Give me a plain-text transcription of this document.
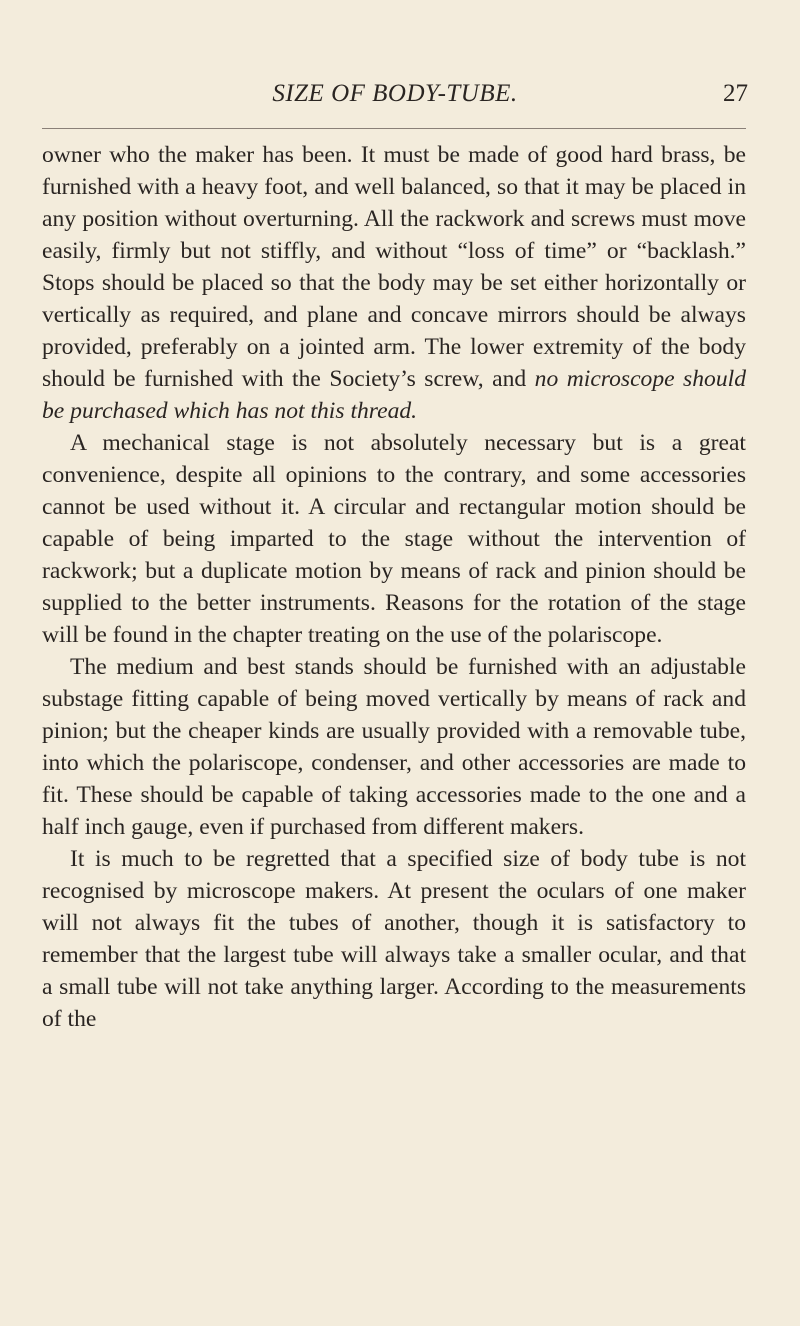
SIZE OF BODY-TUBE.	27

owner who the maker has been. It must be made of good hard brass, be furnished with a heavy foot, and well balanced, so that it may be placed in any position without overturning. All the rackwork and screws must move easily, firmly but not stiffly, and without “loss of time” or “backlash.” Stops should be placed so that the body may be set either horizontally or vertically as required, and plane and concave mirrors should be always provided, preferably on a jointed arm. The lower extremity of the body should be furnished with the Society’s screw, and no microscope should be purchased which has not this thread.

A mechanical stage is not absolutely necessary but is a great convenience, despite all opinions to the contrary, and some accessories cannot be used without it. A circular and rectangular motion should be capable of being imparted to the stage without the intervention of rackwork; but a duplicate motion by means of rack and pinion should be supplied to the better instruments. Reasons for the rotation of the stage will be found in the chapter treating on the use of the polariscope.

The medium and best stands should be furnished with an adjustable substage fitting capable of being moved vertically by means of rack and pinion; but the cheaper kinds are usually provided with a removable tube, into which the polariscope, condenser, and other accessories are made to fit. These should be capable of taking accessories made to the one and a half inch gauge, even if purchased from different makers.

It is much to be regretted that a specified size of body tube is not recognised by microscope makers. At present the oculars of one maker will not always fit the tubes of another, though it is satisfactory to remember that the largest tube will always take a smaller ocular, and that a small tube will not take anything larger. According to the measurements of the
